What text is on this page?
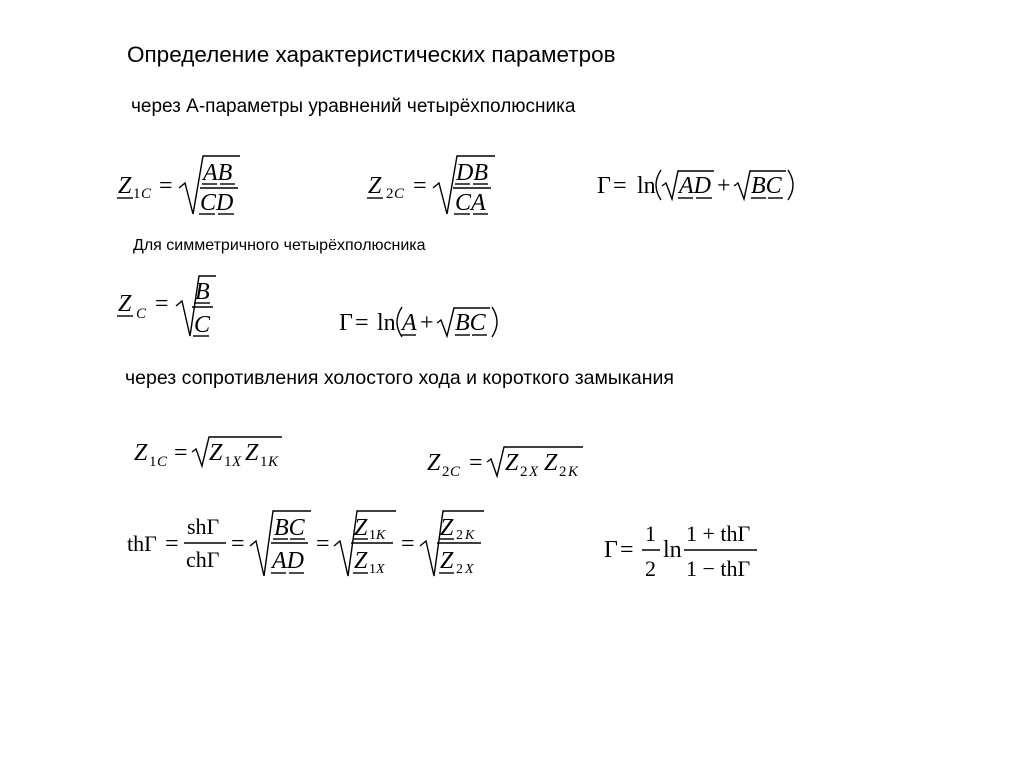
Определение характеристических параметров
через A-параметры уравнений четырёхполюсника
Для симметричного четырёхполюсника
через сопротивления холостого хода и короткого замыкания
Z 1 C = AB
CD
Z 2 C = DB
CA
Γ = ln AD + BC
Z C = B
C	Γ = ln A + BC
Z 1 C = Z 1 X Z 1 K	Z 2 C = Z 2 X Z 2 K
thΓ =
shΓ
chΓ
=
BC
AD
=
Z 1 K
Z 1 X
=
Z 2 K
Z 2 X
Γ =
1
2
ln
1 + thΓ
1 − thΓ
